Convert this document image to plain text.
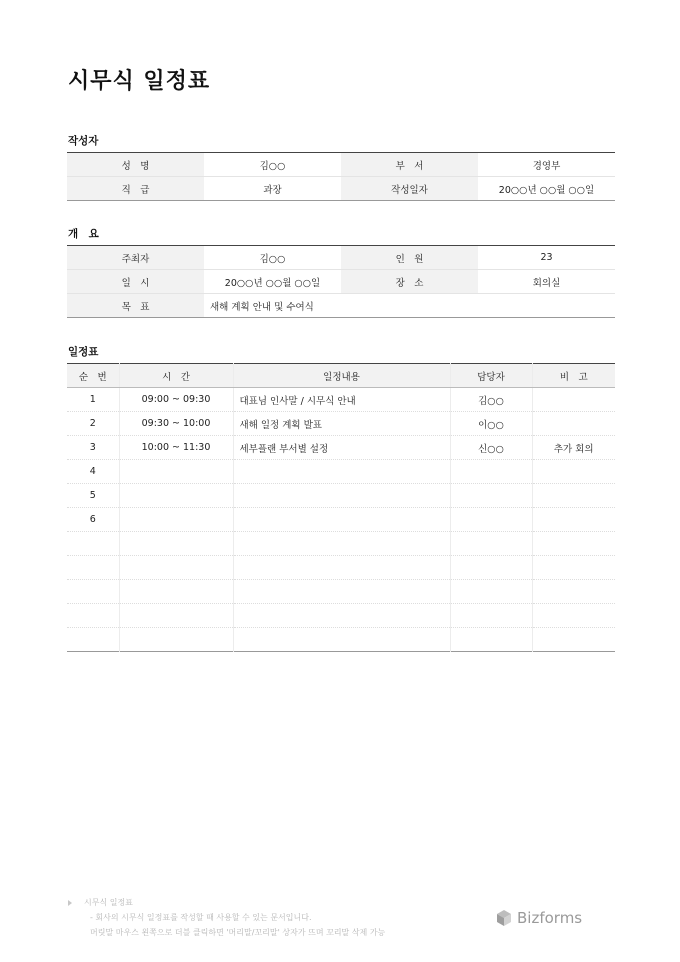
시무식 일정표
작성자
성　명	김○○	부　서	경영부
직　급	과장	작성일자	20○○년 ○○월 ○○일
개　요
주최자	김○○	인　원	23
일　시	20○○년 ○○월 ○○일	장　소	회의실
목　표	새해 계획 안내 및 수여식		
일정표
순　번	시　간	일정내용	담당자	비　고
1	09:00 ~ 09:30	대표님 인사말 / 시무식 안내	김○○	
2	09:30 ~ 10:00	새해 일정 계획 발표	이○○	
3	10:00 ~ 11:30	세부플랜 부서별 설정	신○○	추가 회의
4				
5				
6				

시무식 일정표
- 회사의 시무식 일정표를 작성할 때 사용할 수 있는 문서입니다.
머릿말 마우스 왼쪽으로 더블 클릭하면 '머리말/꼬리말' 상자가 뜨며 꼬리말 삭제 가능
Bizforms
